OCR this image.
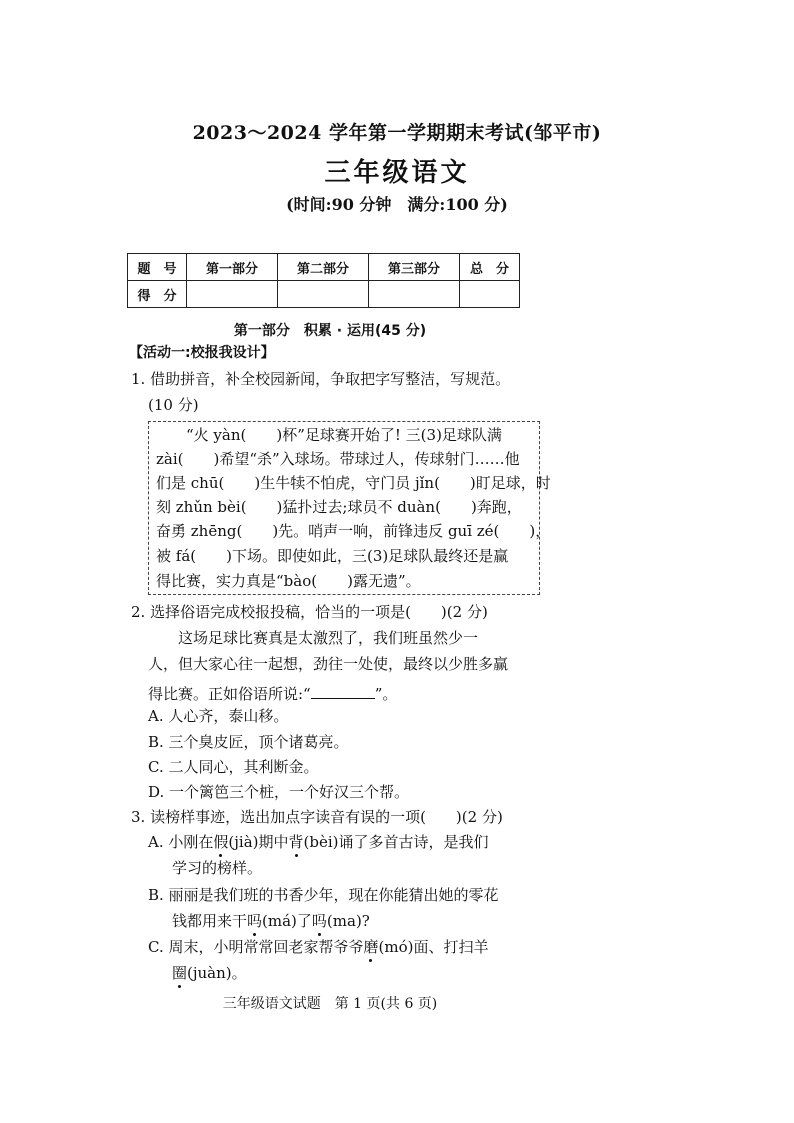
2023～2024 学年第一学期期末考试(邹平市)
三年级语文
(时间:90 分钟　满分:100 分)
题　号	第一部分	第二部分	第三部分	总　分
得　分				
第一部分　积累 · 运用(45 分)
【活动一:校报我设计】
1. 借助拼音，补全校园新闻，争取把字写整洁，写规范。
(10 分)
　　“火 yàn(　　)杯”足球赛开始了! 三(3)足球队满
zài(　　)希望“杀”入球场。带球过人，传球射门……他
们是 chū(　　)生牛犊不怕虎，守门员 jǐn(　　)盯足球，时
刻 zhǔn bèi(　　)猛扑过去;球员不 duàn(　　)奔跑，
奋勇 zhēng(　　)先。哨声一响，前锋违反 guī zé(　　)，
被 fá(　　)下场。即使如此，三(3)足球队最终还是赢
得比赛，实力真是“bào(　　)露无遗”。
2. 选择俗语完成校报投稿，恰当的一项是(　　)(2 分)
　　这场足球比赛真是太激烈了，我们班虽然少一
人，但大家心往一起想，劲往一处使，最终以少胜多赢
得比赛。正如俗语所说:“	”。
A. 人心齐，泰山移。
B. 三个臭皮匠，顶个诸葛亮。
C. 二人同心，其利断金。
D. 一个篱笆三个桩，一个好汉三个帮。
3. 读榜样事迹，选出加点字读音有误的一项(　　)(2 分)
A. 小刚在假(jià)期中背(bèi)诵了多首古诗，是我们
学习的榜样。
B. 丽丽是我们班的书香少年，现在你能猜出她的零花
钱都用来干吗(má)了吗(ma)?
C. 周末，小明常常回老家帮爷爷磨(mó)面、打扫羊
圈(juàn)。
三年级语文试题　第 1 页(共 6 页)
